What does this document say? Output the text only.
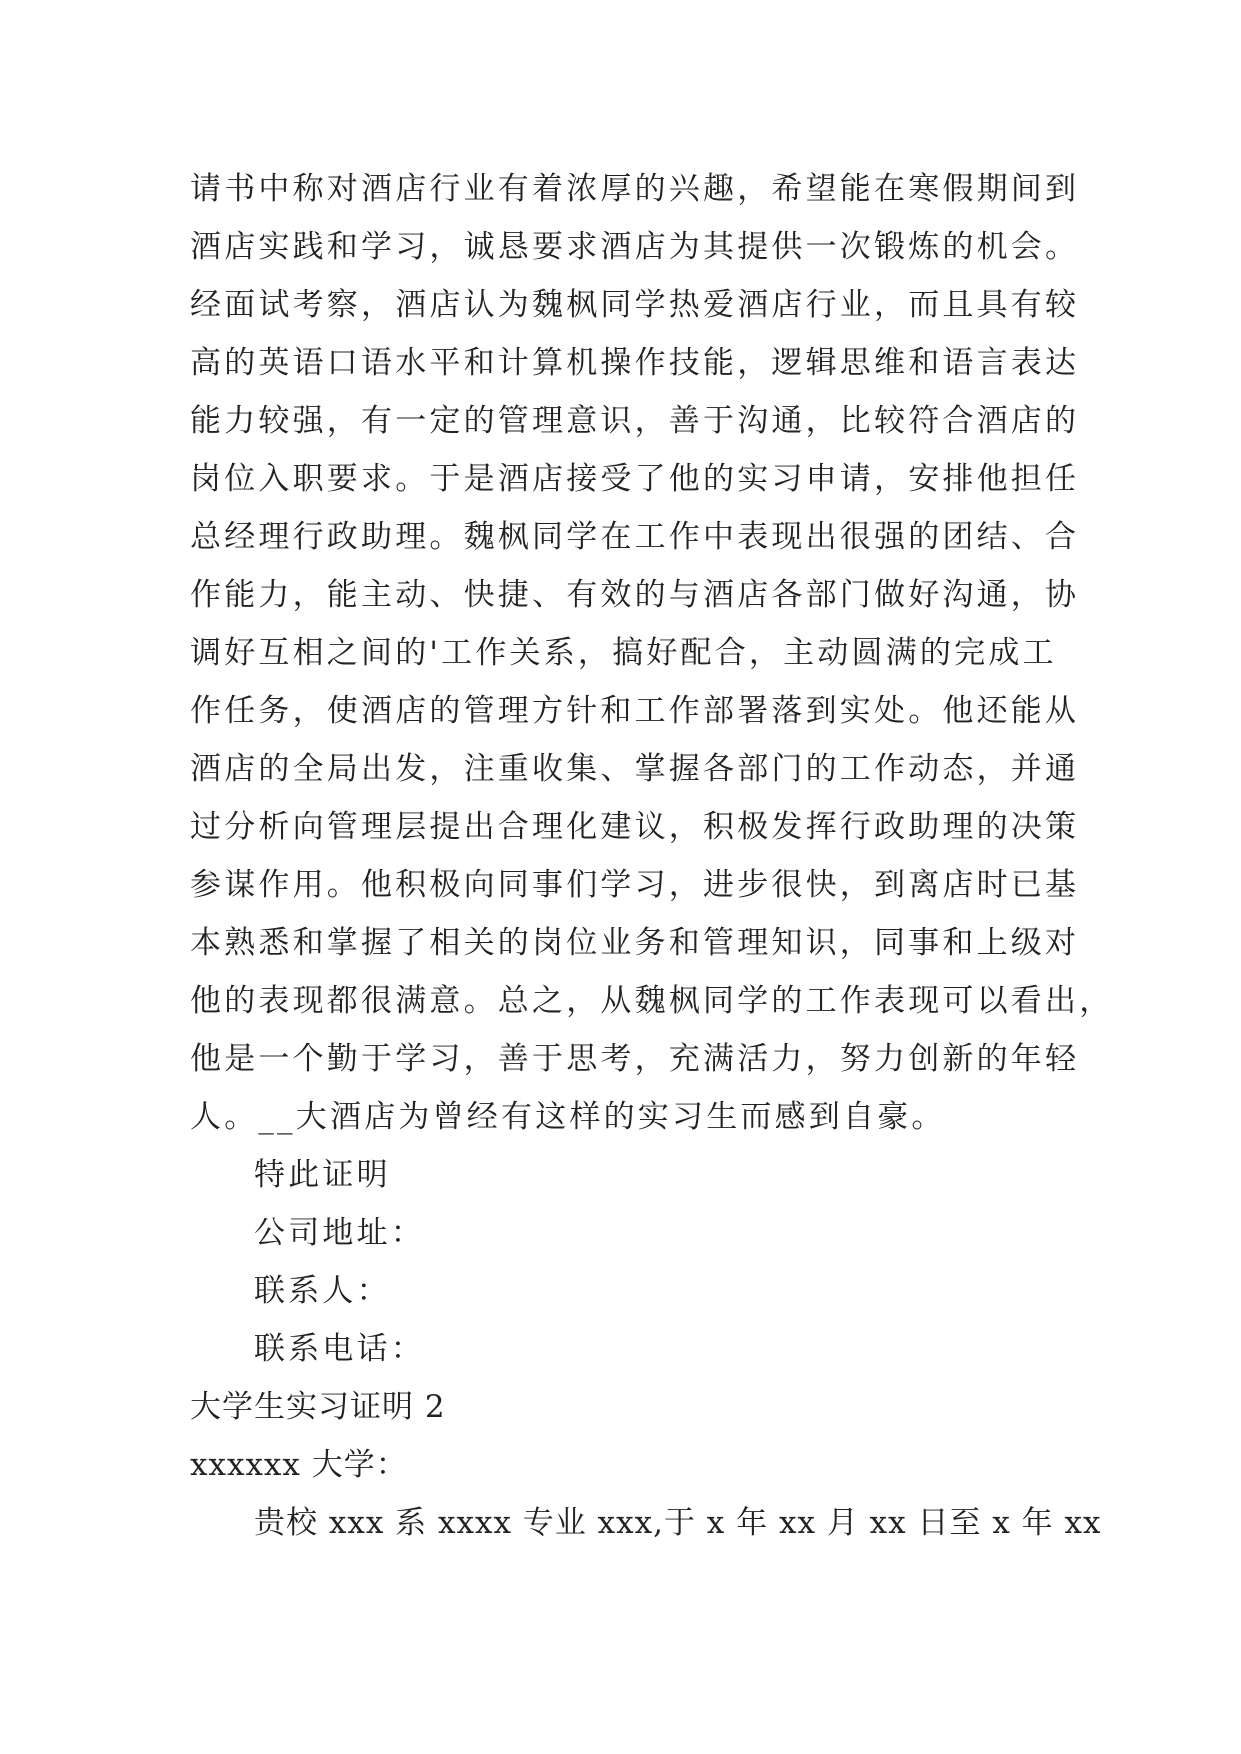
请书中称对酒店行业有着浓厚的兴趣，希望能在寒假期间到
酒店实践和学习，诚恳要求酒店为其提供一次锻炼的机会。
经面试考察，酒店认为魏枫同学热爱酒店行业，而且具有较
高的英语口语水平和计算机操作技能，逻辑思维和语言表达
能力较强，有一定的管理意识，善于沟通，比较符合酒店的
岗位入职要求。于是酒店接受了他的实习申请，安排他担任
总经理行政助理。魏枫同学在工作中表现出很强的团结、合
作能力，能主动、快捷、有效的与酒店各部门做好沟通，协
调好互相之间的'工作关系，搞好配合，主动圆满的完成工
作任务，使酒店的管理方针和工作部署落到实处。他还能从
酒店的全局出发，注重收集、掌握各部门的工作动态，并通
过分析向管理层提出合理化建议，积极发挥行政助理的决策
参谋作用。他积极向同事们学习，进步很快，到离店时已基
本熟悉和掌握了相关的岗位业务和管理知识，同事和上级对
他的表现都很满意。总之，从魏枫同学的工作表现可以看出，
他是一个勤于学习，善于思考，充满活力，努力创新的年轻
人。__大酒店为曾经有这样的实习生而感到自豪。
特此证明
公司地址：
联系人：
联系电话：
大学生实习证明 2
xxxxxx 大学：
贵校 xxx 系 xxxx 专业 xxx,于 x 年 xx 月 xx 日至 x 年 xx
